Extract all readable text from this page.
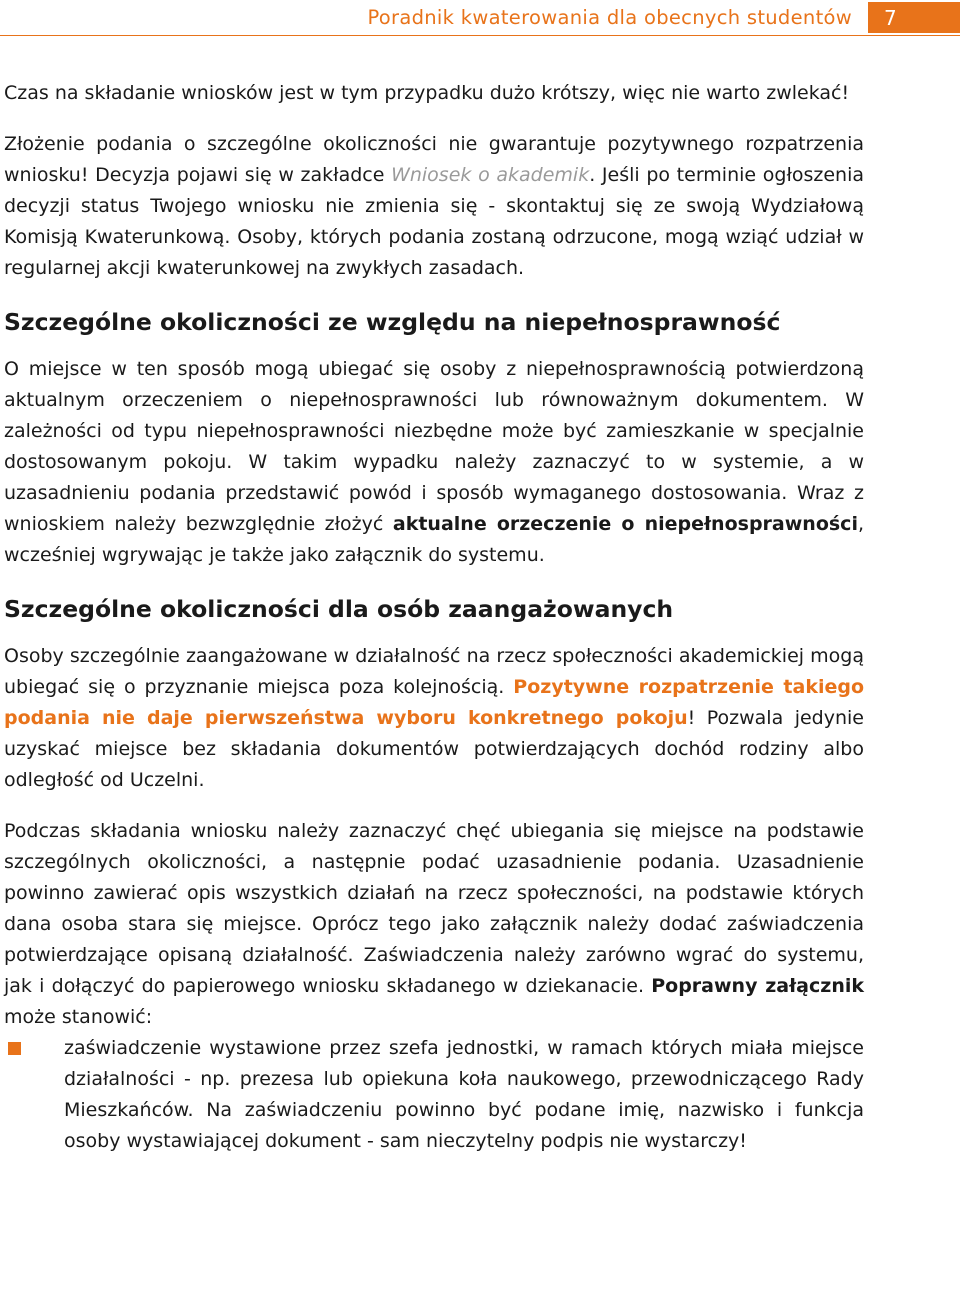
Poradnik kwaterowania dla obecnych studentów 7

Czas na składanie wniosków jest w tym przypadku dużo krótszy, więc nie warto zwlekać!

Złożenie podania o szczególne okoliczności nie gwarantuje pozytywnego rozpatrzenia wniosku! Decyzja pojawi się w zakładce Wniosek o akademik. Jeśli po terminie ogłoszenia decyzji status Twojego wniosku nie zmienia się - skontaktuj się ze swoją Wydziałową Komisją Kwaterunkową. Osoby, których podania zostaną odrzucone, mogą wziąć udział w regularnej akcji kwaterunkowej na zwykłych zasadach.

Szczególne okoliczności ze względu na niepełnosprawność

O miejsce w ten sposób mogą ubiegać się osoby z niepełnosprawnością potwierdzoną aktualnym orzeczeniem o niepełnosprawności lub równoważnym dokumentem. W zależności od typu niepełnosprawności niezbędne może być zamieszkanie w specjalnie dostosowanym pokoju. W takim wypadku należy zaznaczyć to w systemie, a w uzasadnieniu podania przedstawić powód i sposób wymaganego dostosowania. Wraz z wnioskiem należy bezwzględnie złożyć aktualne orzeczenie o niepełnosprawności, wcześniej wgrywając je także jako załącznik do systemu.

Szczególne okoliczności dla osób zaangażowanych

Osoby szczególnie zaangażowane w działalność na rzecz społeczności akademickiej mogą ubiegać się o przyznanie miejsca poza kolejnością. Pozytywne rozpatrzenie takiego podania nie daje pierwszeństwa wyboru konkretnego pokoju! Pozwala jedynie uzyskać miejsce bez składania dokumentów potwierdzających dochód rodziny albo odległość od Uczelni.

Podczas składania wniosku należy zaznaczyć chęć ubiegania się miejsce na podstawie szczególnych okoliczności, a następnie podać uzasadnienie podania. Uzasadnienie powinno zawierać opis wszystkich działań na rzecz społeczności, na podstawie których dana osoba stara się miejsce. Oprócz tego jako załącznik należy dodać zaświadczenia potwierdzające opisaną działalność. Zaświadczenia należy zarówno wgrać do systemu, jak i dołączyć do papierowego wniosku składanego w dziekanacie. Poprawny załącznik może stanowić:

zaświadczenie wystawione przez szefa jednostki, w ramach których miała miejsce działalności - np. prezesa lub opiekuna koła naukowego, przewodniczącego Rady Mieszkańców. Na zaświadczeniu powinno być podane imię, nazwisko i funkcja osoby wystawiającej dokument - sam nieczytelny podpis nie wystarczy!
